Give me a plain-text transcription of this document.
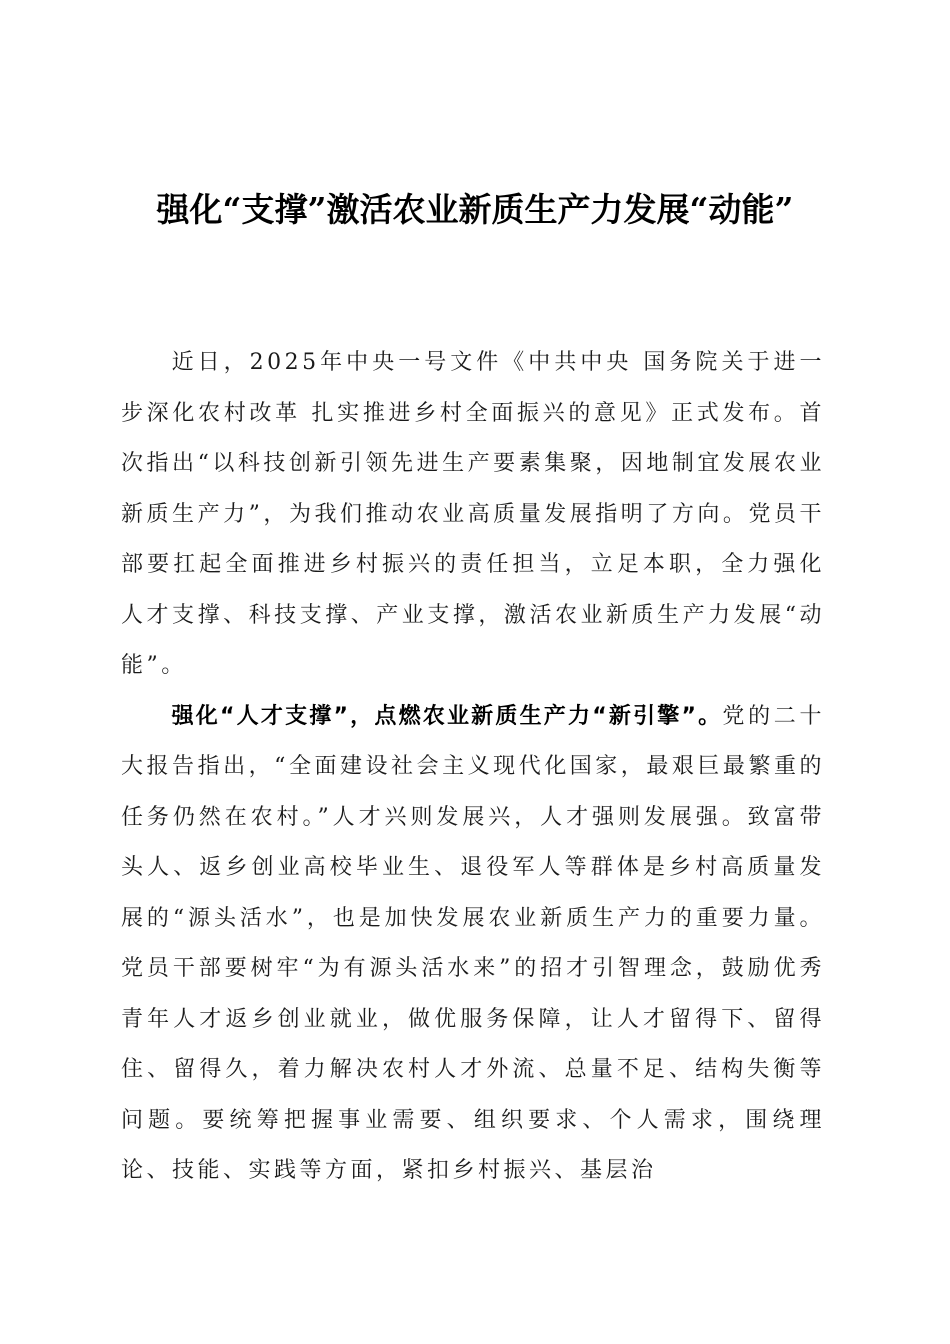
强化“支撑”激活农业新质生产力发展“动能”

近日，2025年中央一号文件《中共中央 国务院关于进一步深化农村改革 扎实推进乡村全面振兴的意见》正式发布。首次指出“以科技创新引领先进生产要素集聚，因地制宜发展农业新质生产力”，为我们推动农业高质量发展指明了方向。党员干部要扛起全面推进乡村振兴的责任担当，立足本职，全力强化人才支撑、科技支撑、产业支撑，激活农业新质生产力发展“动能”。

强化“人才支撑”，点燃农业新质生产力“新引擎”。党的二十大报告指出，“全面建设社会主义现代化国家，最艰巨最繁重的任务仍然在农村。”人才兴则发展兴，人才强则发展强。致富带头人、返乡创业高校毕业生、退役军人等群体是乡村高质量发展的“源头活水”，也是加快发展农业新质生产力的重要力量。党员干部要树牢“为有源头活水来”的招才引智理念，鼓励优秀青年人才返乡创业就业，做优服务保障，让人才留得下、留得住、留得久，着力解决农村人才外流、总量不足、结构失衡等问题。要统筹把握事业需要、组织要求、个人需求，围绕理论、技能、实践等方面，紧扣乡村振兴、基层治
